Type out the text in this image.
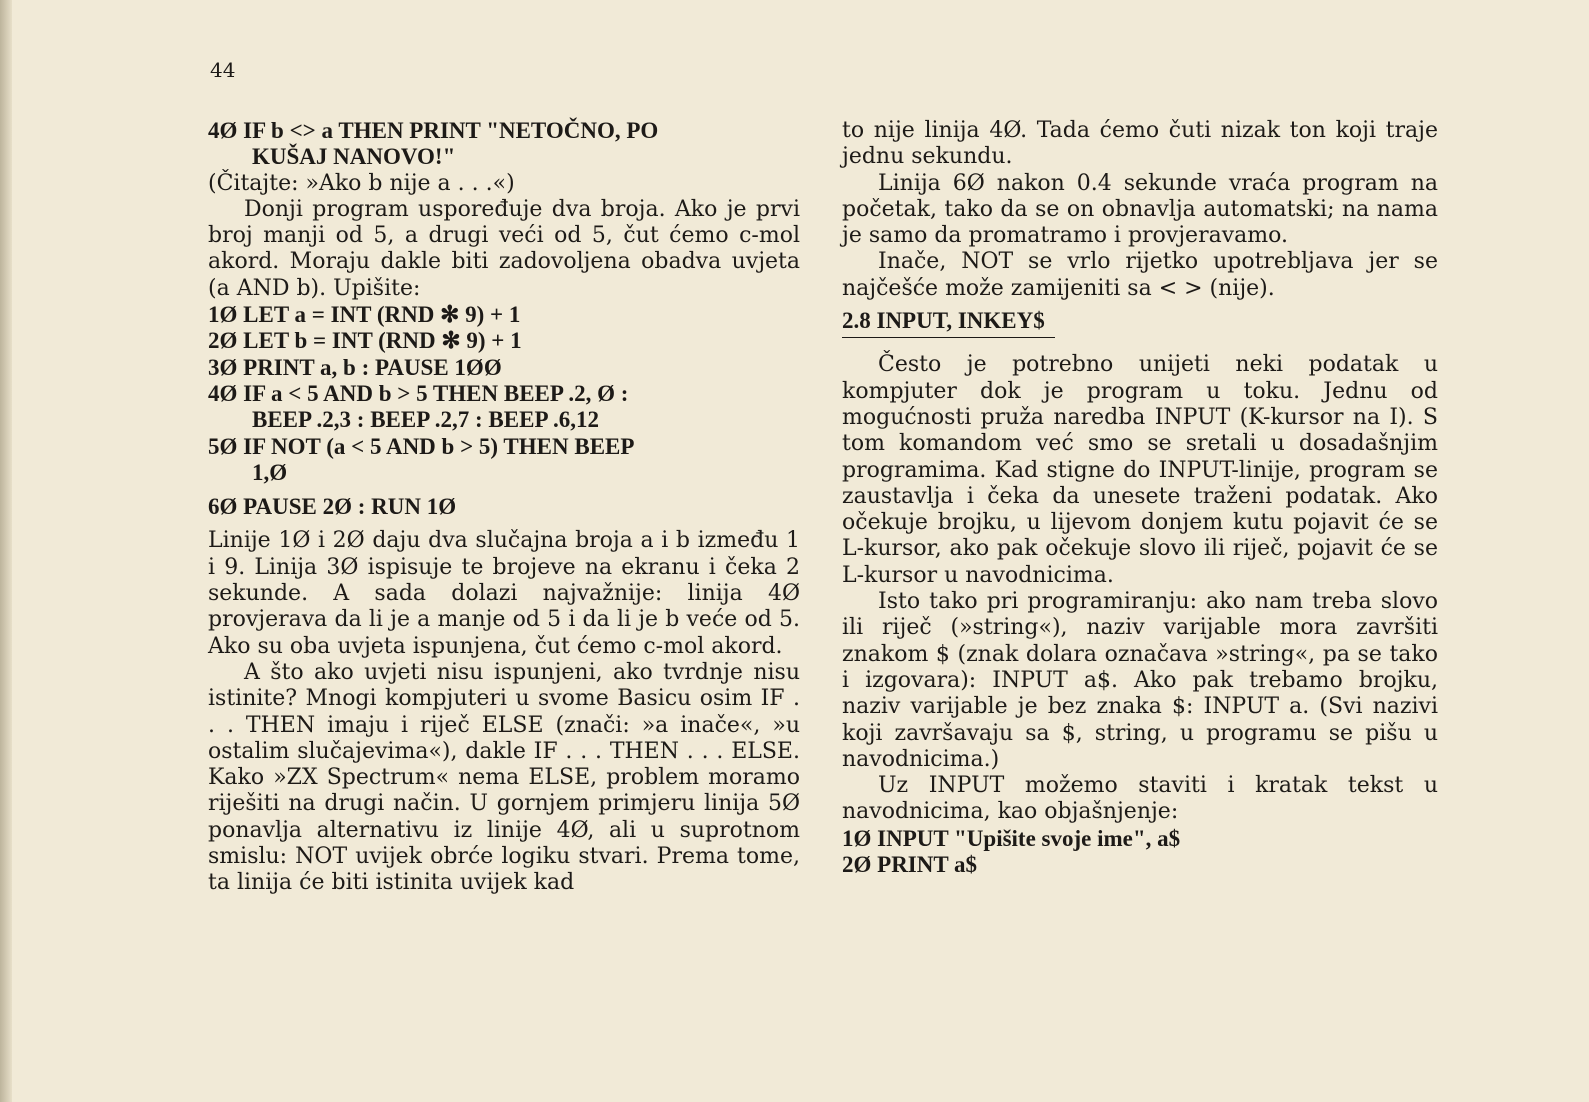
44

4Ø IF b <> a THEN PRINT "NETOČNO, PO

KUŠAJ NANOVO!"

(Čitajte: »Ako b nije a . . .«)

Donji program uspoređuje dva broja. Ako je prvi broj manji od 5, a drugi veći od 5, čut ćemo c-mol akord. Moraju dakle biti zadovoljena obadva uvjeta (a AND b). Upišite:

1Ø LET a = INT (RND ✻ 9) + 1

2Ø LET b = INT (RND ✻ 9) + 1

3Ø PRINT a, b : PAUSE 1ØØ

4Ø IF a < 5 AND b > 5 THEN BEEP .2, Ø :

BEEP .2,3 : BEEP .2,7 : BEEP .6,12

5Ø IF NOT (a < 5 AND b > 5) THEN BEEP

1,Ø

6Ø PAUSE 2Ø : RUN 1Ø

Linije 1Ø i 2Ø daju dva slučajna broja a i b između 1 i 9. Linija 3Ø ispisuje te brojeve na ekranu i čeka 2 sekunde. A sada dolazi najvažnije: linija 4Ø provjerava da li je a manje od 5 i da li je b veće od 5. Ako su oba uvjeta ispunjena, čut ćemo c-mol akord.

A što ako uvjeti nisu ispunjeni, ako tvrdnje nisu istinite? Mnogi kompjuteri u svome Basicu osim IF . . . THEN imaju i riječ ELSE (znači: »a inače«, »u ostalim slučajevima«), dakle IF . . . THEN . . . ELSE. Kako »ZX Spectrum« nema ELSE, problem moramo riješiti na drugi način. U gornjem primjeru linija 5Ø ponavlja alternativu iz linije 4Ø, ali u suprotnom smislu: NOT uvijek obrće logiku stvari. Prema tome, ta linija će biti istinita uvijek kad

to nije linija 4Ø. Tada ćemo čuti nizak ton koji traje jednu sekundu.

Linija 6Ø nakon 0.4 sekunde vraća program na početak, tako da se on obnavlja automatski; na nama je samo da promatramo i provjeravamo.

Inače, NOT se vrlo rijetko upotrebljava jer se najčešće može zamijeniti sa < > (nije).

2.8 INPUT, INKEY$

Često je potrebno unijeti neki podatak u kompjuter dok je program u toku. Jednu od mogućnosti pruža naredba INPUT (K-kursor na I). S tom komandom već smo se sretali u dosadašnjim programima. Kad stigne do INPUT-linije, program se zaustavlja i čeka da unesete traženi podatak. Ako očekuje brojku, u lijevom donjem kutu pojavit će se L-kursor, ako pak očekuje slovo ili riječ, pojavit će se L-kursor u navodnicima.

Isto tako pri programiranju: ako nam treba slovo ili riječ (»string«), naziv varijable mora završiti znakom $ (znak dolara označava »string«, pa se tako i izgovara): INPUT a$. Ako pak trebamo brojku, naziv varijable je bez znaka $: INPUT a. (Svi nazivi koji završavaju sa $, string, u programu se pišu u navodnicima.)

Uz INPUT možemo staviti i kratak tekst u navodnicima, kao objašnjenje:

1Ø INPUT "Upišite svoje ime", a$

2Ø PRINT a$
